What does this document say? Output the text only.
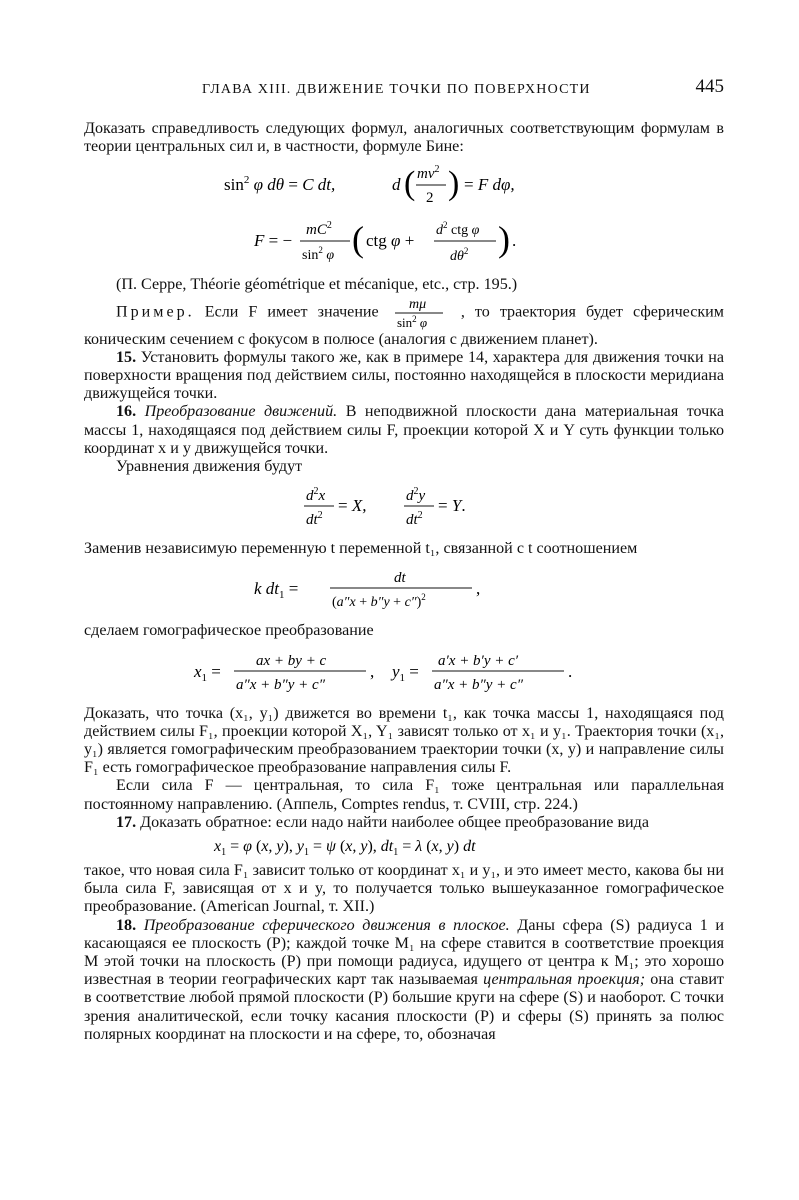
ГЛАВА XIII. ДВИЖЕНИЕ ТОЧКИ ПО ПОВЕРХНОСТИ	445

Доказать справедливость следующих формул, аналогичных соответствующим формулам в теории центральных сил и, в частности, формуле Бине:

$\sin^2 \varphi$ dθ = C dt,	d ( $mv^2$
2 ) = F dφ,
F = −
$mC^2$
$\sin^2 \varphi$ ( ctg φ +
$d^2$ ctg φ
$d\theta^2$ ) .

(П. Серре, Théorie géométrique et mécanique, etc., стр. 195.)

Пример. Если F имеет значение mμ
$\sin^2 \varphi$
, то траектория будет сферическим коническим сечением с фокусом в полюсе (аналогия с движением планет).

15. Установить формулы такого же, как в примере 14, характера для движения точки на поверхности вращения под действием силы, постоянно находящейся в плоскости меридиана движущейся точки.

16. Преобразование движений. В неподвижной плоскости дана материальная точка массы 1, находящаяся под действием силы F, проекции которой X и Y суть функции только координат x и y движущейся точки.

Уравнения движения будут

$d^2x$
$dt^2$
= X,	$d^2y$
$dt^2$
= Y.

Заменив независимую переменную t переменной t₁, связанной с t соотношением

k $dt_1$ =
dt
$(a''x + b''y + c'')^2$	,

сделаем гомографическое преобразование

$x_1$ =
ax + by + c
a″x + b″y + c″
, $y_1$ =
a′x + b′y + c′
a″x + b″y + c″
.

Доказать, что точка (x₁, y₁) движется во времени t₁, как точка массы 1, находящаяся под действием силы F₁, проекции которой X₁, Y₁ зависят только от x₁ и y₁. Траектория точки (x₁, y₁) является гомографическим преобразованием траектории точки (x, y) и направление силы F₁ есть гомографическое преобразование направления силы F.

Если сила F — центральная, то сила F₁ тоже центральная или параллельная постоянному направлению. (Аппель, Comptes rendus, т. CVIII, стр. 224.)

17. Доказать обратное: если надо найти наиболее общее преобразование вида

$x_1 = \varphi$ (x, y), $y_1 = \psi$ (x, y), $dt_1 = \lambda$ (x, y) dt

такое, что новая сила F₁ зависит только от координат x₁ и y₁, и это имеет место, какова бы ни была сила F, зависящая от x и y, то получается только вышеуказанное гомографическое преобразование. (American Journal, т. XII.)

18. Преобразование сферического движения в плоское. Даны сфера (S) радиуса 1 и касающаяся ее плоскость (P); каждой точке M₁ на сфере ставится в соответствие проекция M этой точки на плоскость (P) при помощи радиуса, идущего от центра к M₁; это хорошо известная в теории географических карт так называемая центральная проекция; она ставит в соответствие любой прямой плоскости (P) большие круги на сфере (S) и наоборот. С точки зрения аналитической, если точку касания плоскости (P) и сферы (S) принять за полюс полярных координат на плоскости и на сфере, то, обозначая
